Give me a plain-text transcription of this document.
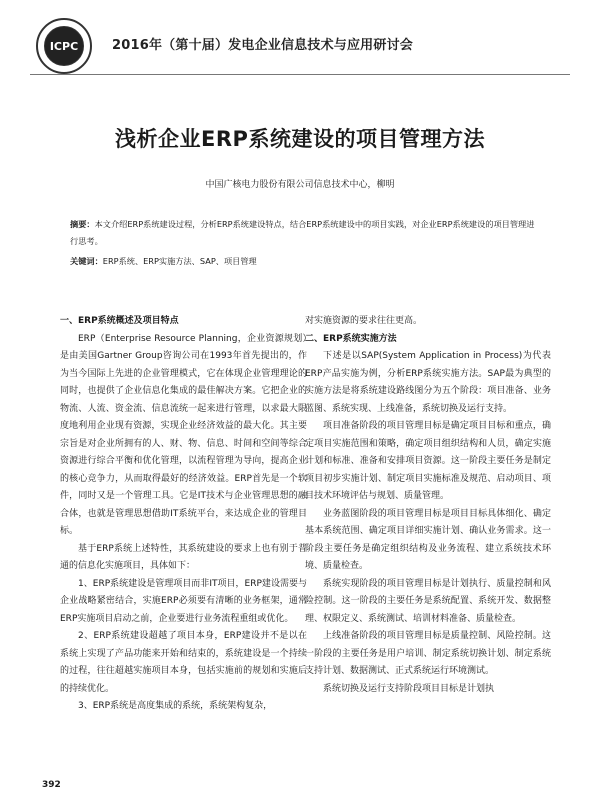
ICPC	2016年（第十届）发电企业信息技术与应用研讨会
浅析企业ERP系统建设的项目管理方法
中国广核电力股份有限公司信息技术中心，柳明
摘要：本文介绍ERP系统建设过程，分析ERP系统建设特点，结合ERP系统建设中的项目实践，对企业ERP系统建设的项目管理进行思考。
关键词：ERP系统、ERP实施方法、SAP、项目管理
一、ERP系统概述及项目特点

ERP（Enterprise Resource Planning，企业资源规划）是由美国Gartner Group咨询公司在1993年首先提出的，作为当今国际上先进的企业管理模式，它在体现企业管理理论的同时，也提供了企业信息化集成的最佳解决方案。它把企业的物流、人流、资金流、信息流统一起来进行管理，以求最大限度地利用企业现有资源，实现企业经济效益的最大化。其主要宗旨是对企业所拥有的人、财、物、信息、时间和空间等综合资源进行综合平衡和优化管理，以流程管理为导向，提高企业的核心竞争力，从而取得最好的经济效益。ERP首先是一个软件，同时又是一个管理工具。它是IT技术与企业管理思想的融合体，也就是管理思想借助IT系统平台，来达成企业的管理目标。

基于ERP系统上述特性，其系统建设的要求上也有别于普通的信息化实施项目，具体如下：

1、ERP系统建设是管理项目而非IT项目，ERP建设需要与企业战略紧密结合，实施ERP必须要有清晰的业务框架，通常ERP实施项目启动之前，企业要进行业务流程重组或优化。

2、ERP系统建设超越了项目本身，ERP建设并不是以在系统上实现了产品功能来开始和结束的，系统建设是一个持续的过程，往往超越实施项目本身，包括实施前的规划和实施后的持续优化。

3、ERP系统是高度集成的系统，系统架构复杂，

对实施资源的要求往往更高。

二、ERP系统实施方法

下述是以SAP(System Application in Process)为代表ERP产品实施为例，分析ERP系统实施方法。SAP最为典型的实施方法是将系统建设路线图分为五个阶段：项目准备、业务蓝图、系统实现、上线准备，系统切换及运行支持。

项目准备阶段的项目管理目标是确定项目目标和重点，确定项目实施范围和策略，确定项目组织结构和人员，确定实施计划和标准、准备和安排项目资源。这一阶段主要任务是制定项目初步实施计划、制定项目实施标准及规范、启动项目、项目技术环境评估与规划、质量管理。

业务蓝图阶段的项目管理目标是项目目标具体细化、确定基本系统范围、确定项目详细实施计划、确认业务需求。这一阶段主要任务是确定组织结构及业务流程、建立系统技术环境、质量检查。

系统实现阶段的项目管理目标是计划执行、质量控制和风险控制。这一阶段的主要任务是系统配置、系统开发、数据整理、权限定义、系统测试、培训材料准备、质量检查。

上线准备阶段的项目管理目标是质量控制、风险控制。这一阶段的主要任务是用户培训、制定系统切换计划、制定系统支持计划、数据测试、正式系统运行环境测试。

系统切换及运行支持阶段项目目标是计划执

392
